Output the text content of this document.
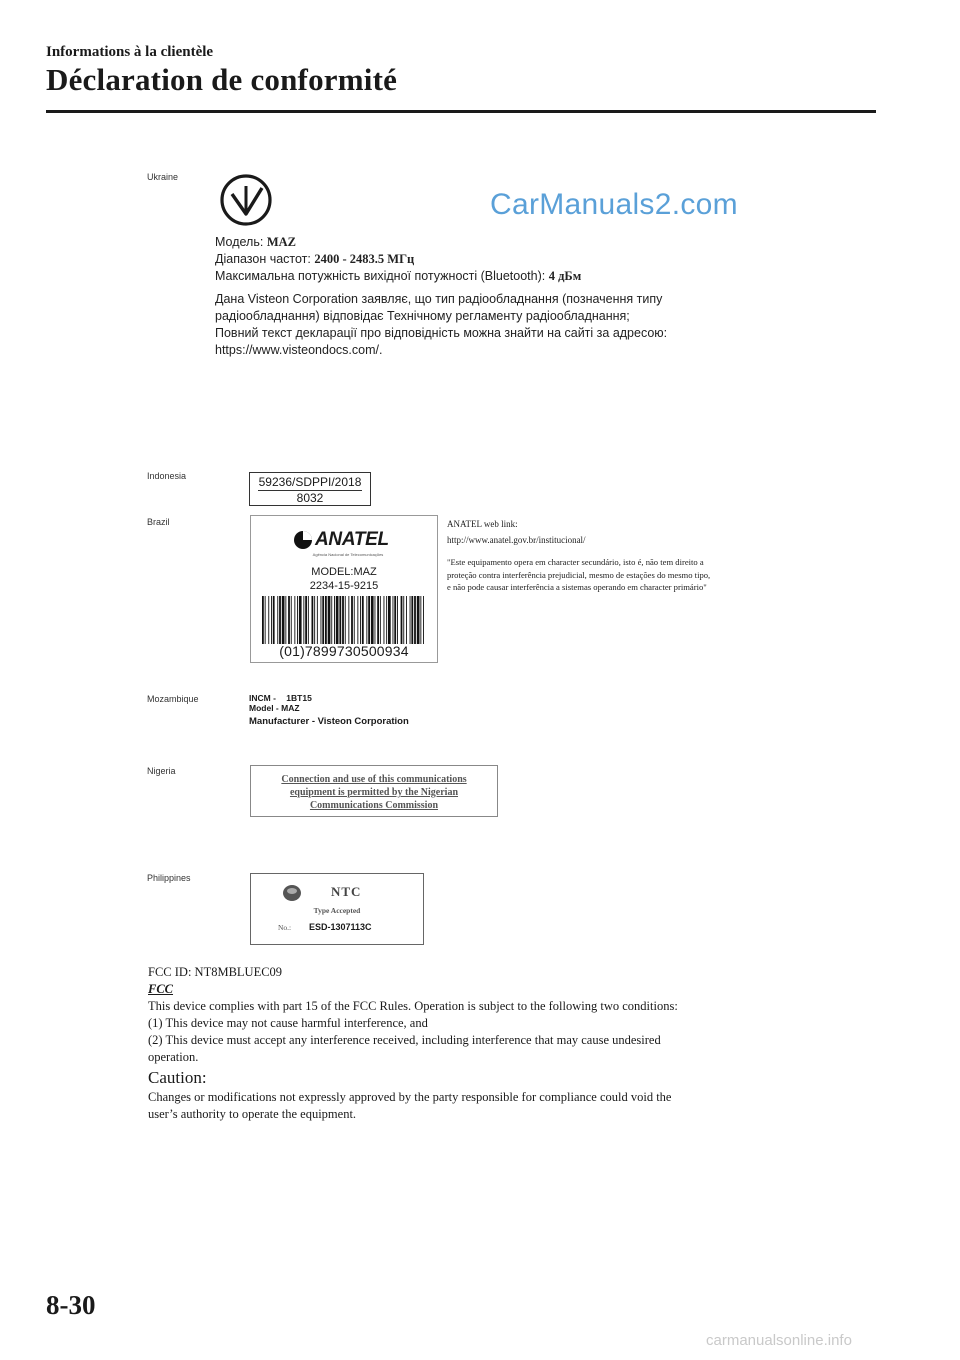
Informations à la clientèle
Déclaration de conformité
Ukraine
CarManuals2.com
Модель: MAZ
Діапазон частот: 2400 - 2483.5 МГц
Максимальна потужність вихідної потужності (Bluetooth): 4 дБм
Дана Visteon Corporation заявляє, що тип радіообладнання (позначення типу
радіообладнання) відповідає Технічному регламенту радіообладнання;
Повний текст декларації про відповідність можна знайти на сайті за адресою:
https://www.visteondocs.com/.
Indonesia	59236/SDPPI/2018
8032
Brazil
ANATEL
Agência Nacional de Telecomunicações
MODEL:MAZ
2234-15-9215
(01)7899730500934
ANATEL web link:
http://www.anatel.gov.br/institucional/
"Este equipamento opera em character secundário, isto é, não tem direito a
proteção contra interferência prejudicial, mesmo de estações do mesmo tipo,
e não pode causar interferência a sistemas operando em character primário"
Mozambique	INCM - 1BT15
Model - MAZ
Manufacturer - Visteon Corporation
Nigeria
Connection and use of this communications
equipment is permitted by the Nigerian
Communications Commission
Philippines
NTC
Type Accepted
No.: ESD-1307113C
FCC ID: NT8MBLUEC09
FCC
This device complies with part 15 of the FCC Rules. Operation is subject to the following two conditions:
(1) This device may not cause harmful interference, and
(2) This device must accept any interference received, including interference that may cause undesired
operation.
Caution:
Changes or modifications not expressly approved by the party responsible for compliance could void the
user’s authority to operate the equipment.
8-30
carmanualsonline.info
